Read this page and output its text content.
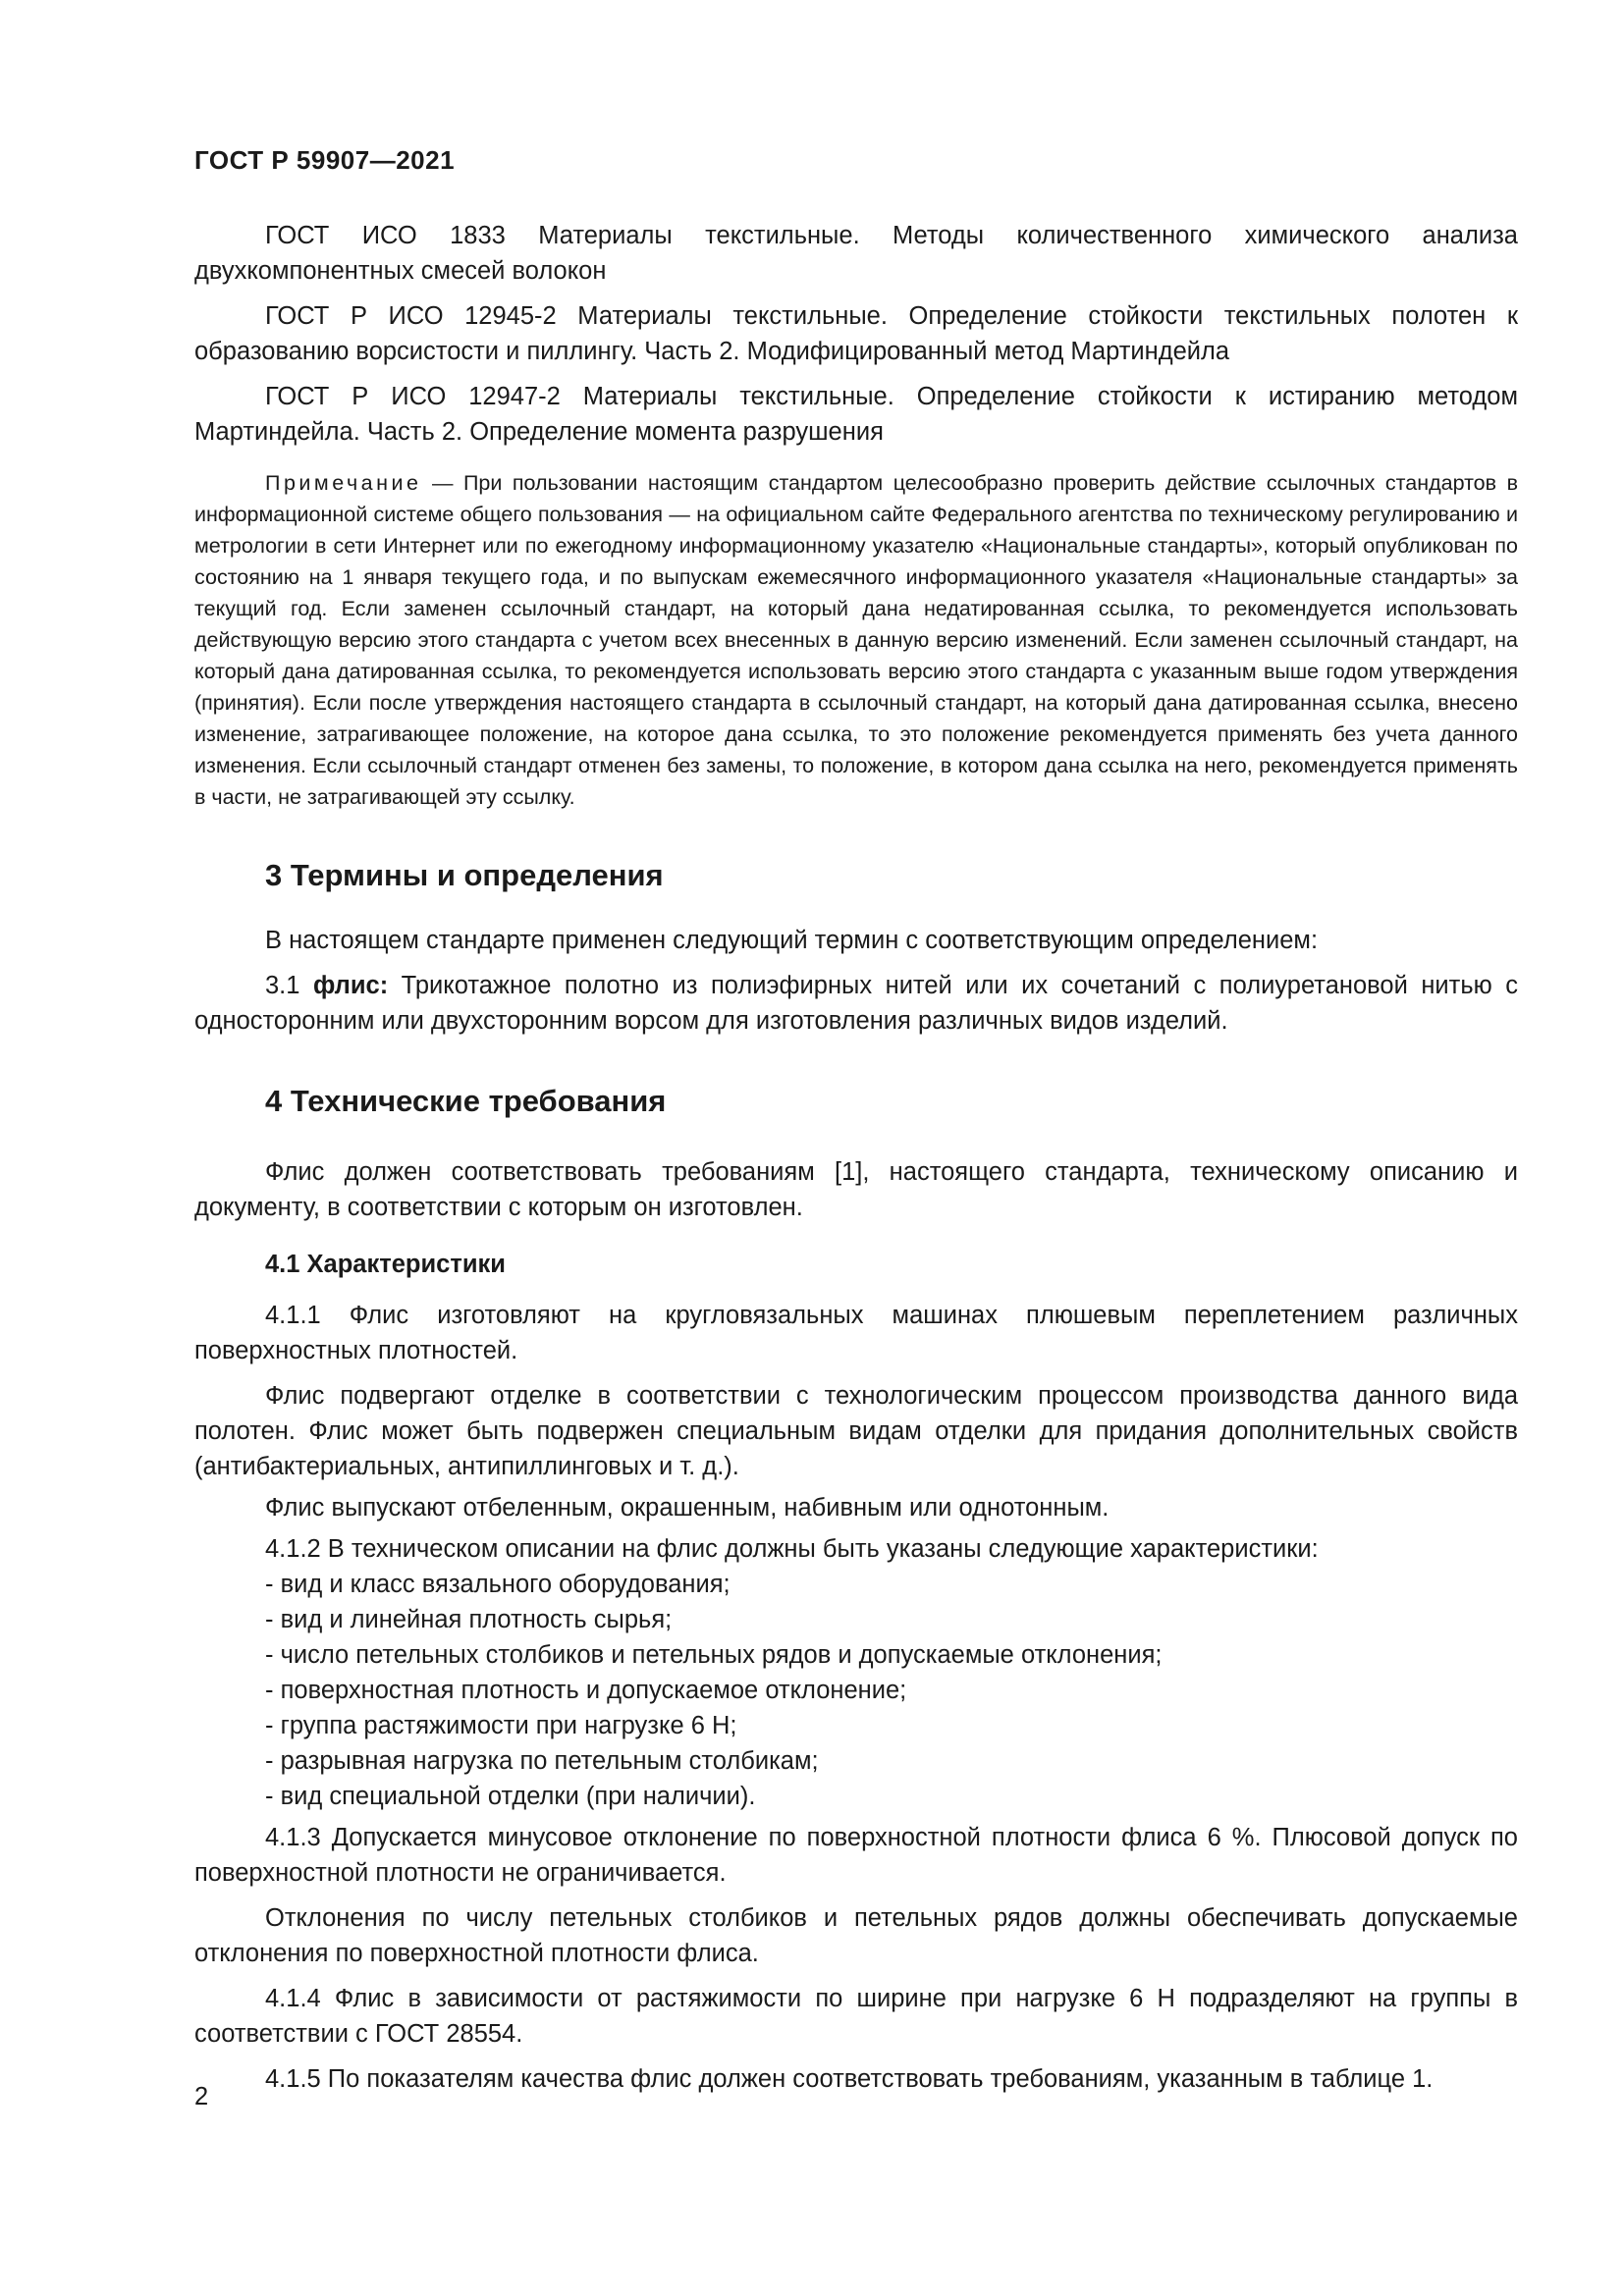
ГОСТ Р 59907—2021

ГОСТ ИСО 1833 Материалы текстильные. Методы количественного химического анализа двухкомпонентных смесей волокон

ГОСТ Р ИСО 12945-2 Материалы текстильные. Определение стойкости текстильных полотен к образованию ворсистости и пиллингу. Часть 2. Модифицированный метод Мартиндейла

ГОСТ Р ИСО 12947-2 Материалы текстильные. Определение стойкости к истиранию методом Мартиндейла. Часть 2. Определение момента разрушения

Примечание — При пользовании настоящим стандартом целесообразно проверить действие ссылочных стандартов в информационной системе общего пользования — на официальном сайте Федерального агентства по техническому регулированию и метрологии в сети Интернет или по ежегодному информационному указателю «Национальные стандарты», который опубликован по состоянию на 1 января текущего года, и по выпускам ежемесячного информационного указателя «Национальные стандарты» за текущий год. Если заменен ссылочный стандарт, на который дана недатированная ссылка, то рекомендуется использовать действующую версию этого стандарта с учетом всех внесенных в данную версию изменений. Если заменен ссылочный стандарт, на который дана датированная ссылка, то рекомендуется использовать версию этого стандарта с указанным выше годом утверждения (принятия). Если после утверждения настоящего стандарта в ссылочный стандарт, на который дана датированная ссылка, внесено изменение, затрагивающее положение, на которое дана ссылка, то это положение рекомендуется применять без учета данного изменения. Если ссылочный стандарт отменен без замены, то положение, в котором дана ссылка на него, рекомендуется применять в части, не затрагивающей эту ссылку.

3 Термины и определения

В настоящем стандарте применен следующий термин с соответствующим определением:

3.1 флис: Трикотажное полотно из полиэфирных нитей или их сочетаний с полиуретановой нитью с односторонним или двухсторонним ворсом для изготовления различных видов изделий.

4 Технические требования

Флис должен соответствовать требованиям [1], настоящего стандарта, техническому описанию и документу, в соответствии с которым он изготовлен.

4.1 Характеристики

4.1.1 Флис изготовляют на кругловязальных машинах плюшевым переплетением различных поверхностных плотностей.

Флис подвергают отделке в соответствии с технологическим процессом производства данного вида полотен. Флис может быть подвержен специальным видам отделки для придания дополнительных свойств (антибактериальных, антипиллинговых и т. д.).

Флис выпускают отбеленным, окрашенным, набивным или однотонным.

4.1.2 В техническом описании на флис должны быть указаны следующие характеристики:

- вид и класс вязального оборудования;

- вид и линейная плотность сырья;

- число петельных столбиков и петельных рядов и допускаемые отклонения;

- поверхностная плотность и допускаемое отклонение;

- группа растяжимости при нагрузке 6 Н;

- разрывная нагрузка по петельным столбикам;

- вид специальной отделки (при наличии).

4.1.3 Допускается минусовое отклонение по поверхностной плотности флиса 6 %. Плюсовой допуск по поверхностной плотности не ограничивается.

Отклонения по числу петельных столбиков и петельных рядов должны обеспечивать допускаемые отклонения по поверхностной плотности флиса.

4.1.4 Флис в зависимости от растяжимости по ширине при нагрузке 6 Н подразделяют на группы в соответствии с ГОСТ 28554.

4.1.5 По показателям качества флис должен соответствовать требованиям, указанным в таблице 1.

2
